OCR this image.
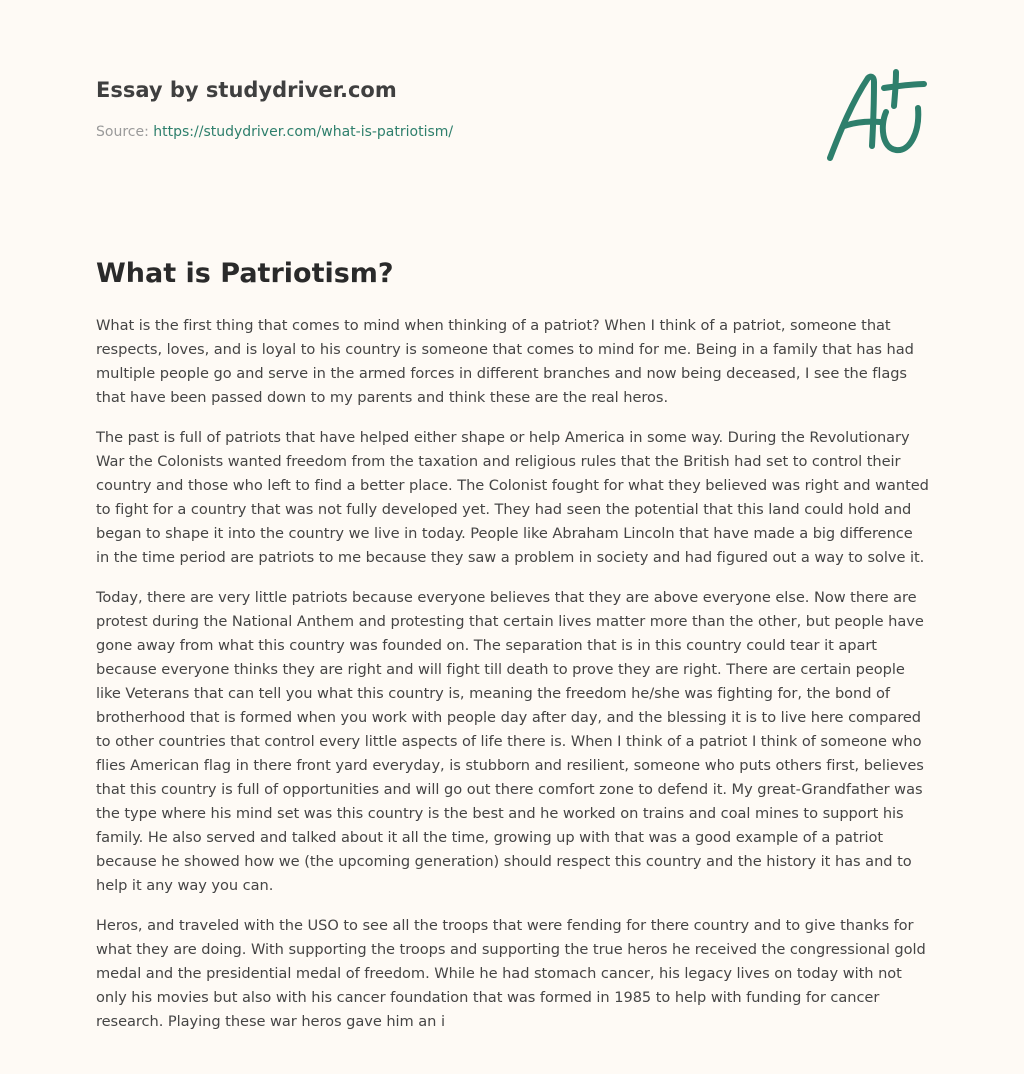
Essay by studydriver.com
Source: https://studydriver.com/what-is-patriotism/
What is Patriotism?

What is the first thing that comes to mind when thinking of a patriot? When I think of a patriot, someone that respects, loves, and is loyal to his country is someone that comes to mind for me. Being in a family that has had multiple people go and serve in the armed forces in different branches and now being deceased, I see the flags that have been passed down to my parents and think these are the real heros.

The past is full of patriots that have helped either shape or help America in some way. During the Revolutionary War the Colonists wanted freedom from the taxation and religious rules that the British had set to control their country and those who left to find a better place. The Colonist fought for what they believed was right and wanted to fight for a country that was not fully developed yet. They had seen the potential that this land could hold and began to shape it into the country we live in today. People like Abraham Lincoln that have made a big difference in the time period are patriots to me because they saw a problem in society and had figured out a way to solve it.

Today, there are very little patriots because everyone believes that they are above everyone else. Now there are protest during the National Anthem and protesting that certain lives matter more than the other, but people have gone away from what this country was founded on. The separation that is in this country could tear it apart because everyone thinks they are right and will fight till death to prove they are right. There are certain people like Veterans that can tell you what this country is, meaning the freedom he/she was fighting for, the bond of brotherhood that is formed when you work with people day after day, and the blessing it is to live here compared to other countries that control every little aspects of life there is. When I think of a patriot I think of someone who flies American flag in there front yard everyday, is stubborn and resilient, someone who puts others first, believes that this country is full of opportunities and will go out there comfort zone to defend it. My great-Grandfather was the type where his mind set was this country is the best and he worked on trains and coal mines to support his family. He also served and talked about it all the time, growing up with that was a good example of a patriot because he showed how we (the upcoming generation) should respect this country and the history it has and to help it any way you can.

Heros, and traveled with the USO to see all the troops that were fending for there country and to give thanks for what they are doing. With supporting the troops and supporting the true heros he received the congressional gold medal and the presidential medal of freedom. While he had stomach cancer, his legacy lives on today with not only his movies but also with his cancer foundation that was formed in 1985 to help with funding for cancer research. Playing these war heros gave him an i
